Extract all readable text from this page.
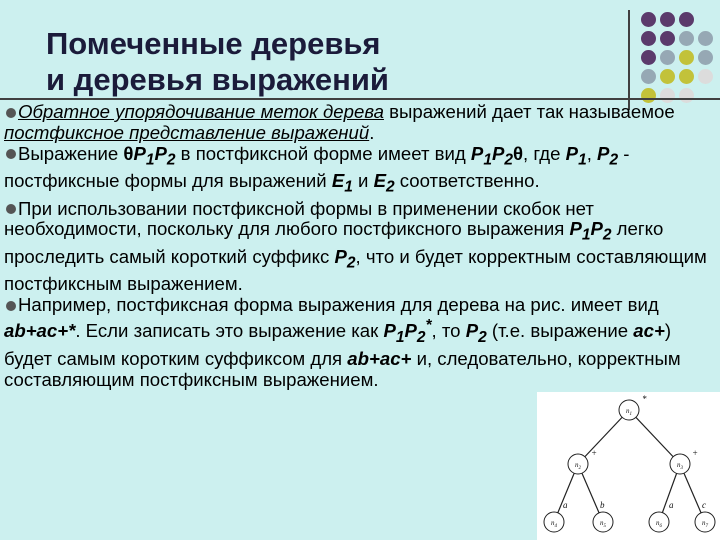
Помеченные деревья
и деревья выражений

Обратное упорядочивание меток дерева выражений дает так называемое постфиксное представление выражений.

Выражение $\theta P_1P_2$ в постфиксной форме имеет вид $P_1P_2\theta$, где $P_1$, $P_2$ - постфиксные формы для выражений $E_1$ и $E_2$ соответственно.

При использовании постфиксной формы в применении скобок нет необходимости, поскольку для любого постфиксного выражения $P_1P_2$ легко проследить самый короткий суффикс $P_2$, что и будет корректным составляющим постфиксным выражением.

Например, постфиксная форма выражения для дерева на рис. имеет вид ab+ac+*. Если записать это выражение как $P_1P_2^*$, то $P_2$ (т.е. выражение ac+) будет самым коротким суффиксом для ab+ac+ и, следовательно, корректным составляющим постфиксным выражением.

$n_1$
$n_2$	$n_3$
$n_4$	$n_5$	$n_6$	$n_7$
*
+	+
a	b	a	c
